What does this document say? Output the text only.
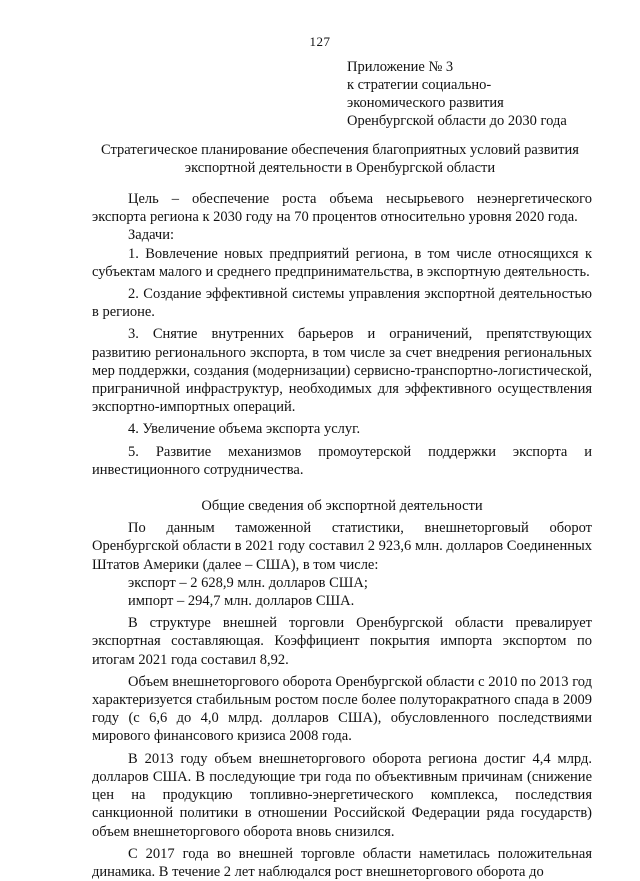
127
Приложение № 3
к стратегии социально-
экономического развития
Оренбургской области до 2030 года
Стратегическое планирование обеспечения благоприятных условий развития экспортной деятельности в Оренбургской области

Цель – обеспечение роста объема несырьевого неэнергетического экспорта региона к 2030 году на 70 процентов относительно уровня 2020 года.

Задачи:

1. Вовлечение новых предприятий региона, в том числе относящихся к субъектам малого и среднего предпринимательства, в экспортную деятельность.

2. Создание эффективной системы управления экспортной деятельностью в регионе.

3. Снятие внутренних барьеров и ограничений, препятствующих развитию регионального экспорта, в том числе за счет внедрения региональных мер поддержки, создания (модернизации) сервисно-транспортно-логистической, приграничной инфраструктур, необходимых для эффективного осуществления экспортно-импортных операций.

4. Увеличение объема экспорта услуг.

5. Развитие механизмов промоутерской поддержки экспорта и инвестиционного сотрудничества.

Общие сведения об экспортной деятельности

По данным таможенной статистики, внешнеторговый оборот Оренбургской области в 2021 году составил 2 923,6 млн. долларов Соединенных Штатов Америки (далее – США), в том числе:

экспорт – 2 628,9 млн. долларов США;

импорт – 294,7 млн. долларов США.

В структуре внешней торговли Оренбургской области превалирует экспортная составляющая. Коэффициент покрытия импорта экспортом по итогам 2021 года составил 8,92.

Объем внешнеторгового оборота Оренбургской области с 2010 по 2013 год характеризуется стабильным ростом после более полуторакратного спада в 2009 году (с 6,6 до 4,0 млрд. долларов США), обусловленного последствиями мирового финансового кризиса 2008 года.

В 2013 году объем внешнеторгового оборота региона достиг 4,4 млрд. долларов США. В последующие три года по объективным причинам (снижение цен на продукцию топливно-энергетического комплекса, последствия санкционной политики в отношении Российской Федерации ряда государств) объем внешнеторгового оборота вновь снизился.

С 2017 года во внешней торговле области наметилась положительная динамика. В течение 2 лет наблюдался рост внешнеторгового оборота до
